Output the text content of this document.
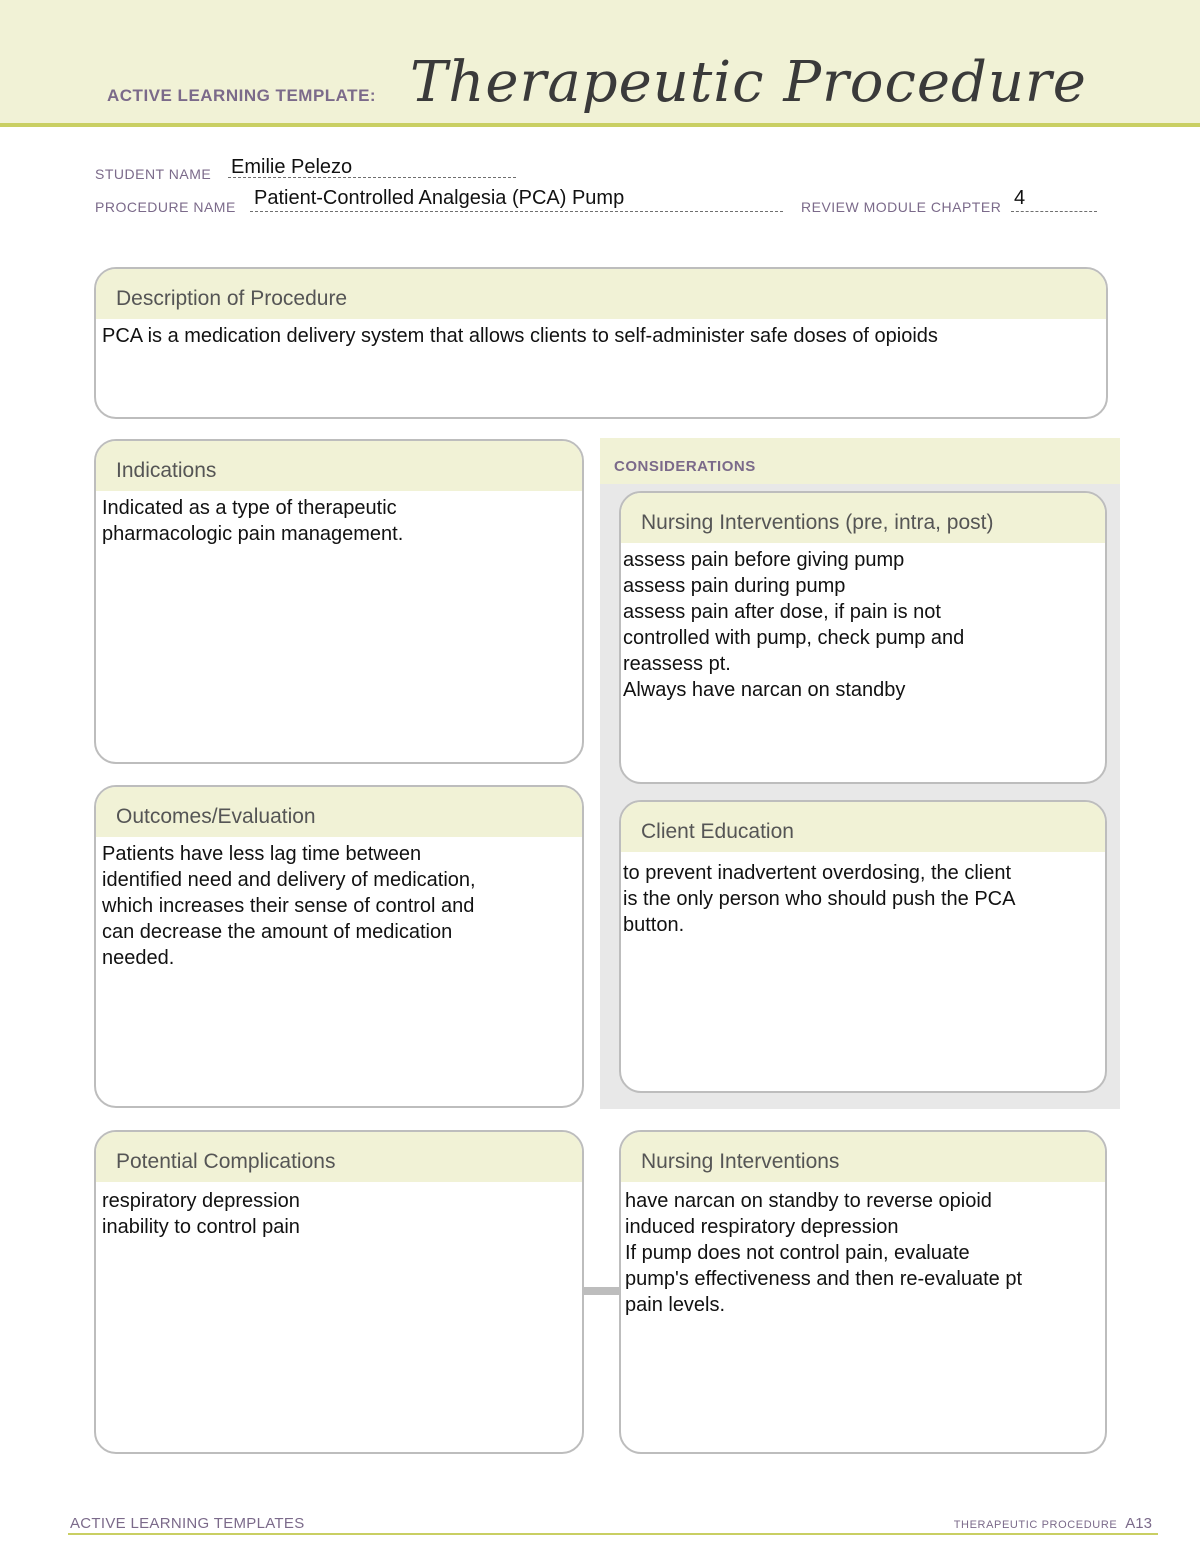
ACTIVE LEARNING TEMPLATE: Therapeutic Procedure
STUDENT NAME Emilie Pelezo
PROCEDURE NAME Patient-Controlled Analgesia (PCA) Pump	REVIEW MODULE CHAPTER 4
Description of Procedure
PCA is a medication delivery system that allows clients to self-administer safe doses of opioids
CONSIDERATIONS
Indications
Indicated as a type of therapeutic
pharmacologic pain management.	Nursing Interventions (pre, intra, post)
assess pain before giving pump
assess pain during pump
assess pain after dose, if pain is not
controlled with pump, check pump and
reassess pt.
Always have narcan on standby
Outcomes/Evaluation
Patients have less lag time between
identified need and delivery of medication,
which increases their sense of control and
can decrease the amount of medication
needed.
Client Education
to prevent inadvertent overdosing, the client
is the only person who should push the PCA
button.
Potential Complications
respiratory depression
inability to control pain
Nursing Interventions
have narcan on standby to reverse opioid
induced respiratory depression
If pump does not control pain, evaluate
pump's effectiveness and then re-evaluate pt
pain levels.
ACTIVE LEARNING TEMPLATES	THERAPEUTIC PROCEDURE A13
